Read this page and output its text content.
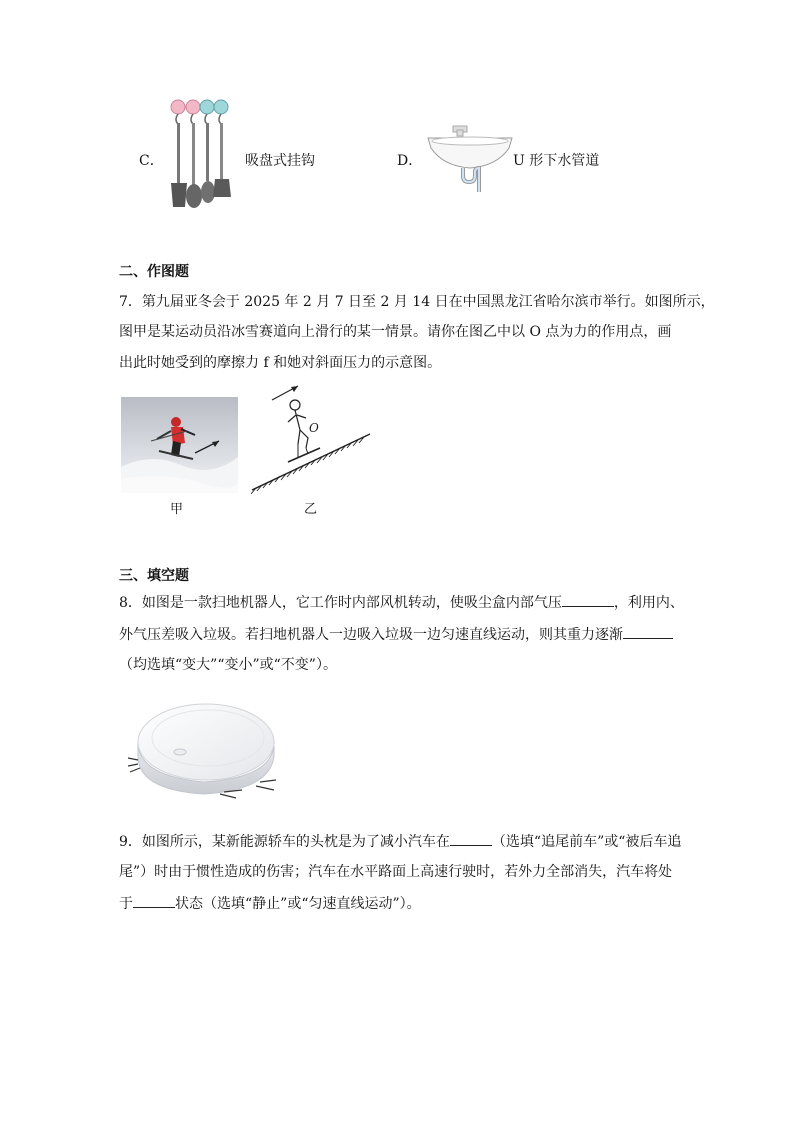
C．	吸盘式挂钩	D．	U 形下水管道
二、作图题
7．第九届亚冬会于 2025 年 2 月 7 日至 2 月 14 日在中国黑龙江省哈尔滨市举行。如图所示，
图甲是某运动员沿冰雪赛道向上滑行的某一情景。请你在图乙中以 O 点为力的作用点，画
出此时她受到的摩擦力 f 和她对斜面压力的示意图。
甲
O
乙
三、填空题
8．如图是一款扫地机器人，它工作时内部风机转动，使吸尘盒内部气压	，利用内、
外气压差吸入垃圾。若扫地机器人一边吸入垃圾一边匀速直线运动，则其重力逐渐
（均选填“变大”“变小”或“不变”）。
9．如图所示，某新能源轿车的头枕是为了减小汽车在	（选填“追尾前车”或“被后车追
尾”）时由于惯性造成的伤害；汽车在水平路面上高速行驶时，若外力全部消失，汽车将处
于	状态（选填“静止”或“匀速直线运动”）。
